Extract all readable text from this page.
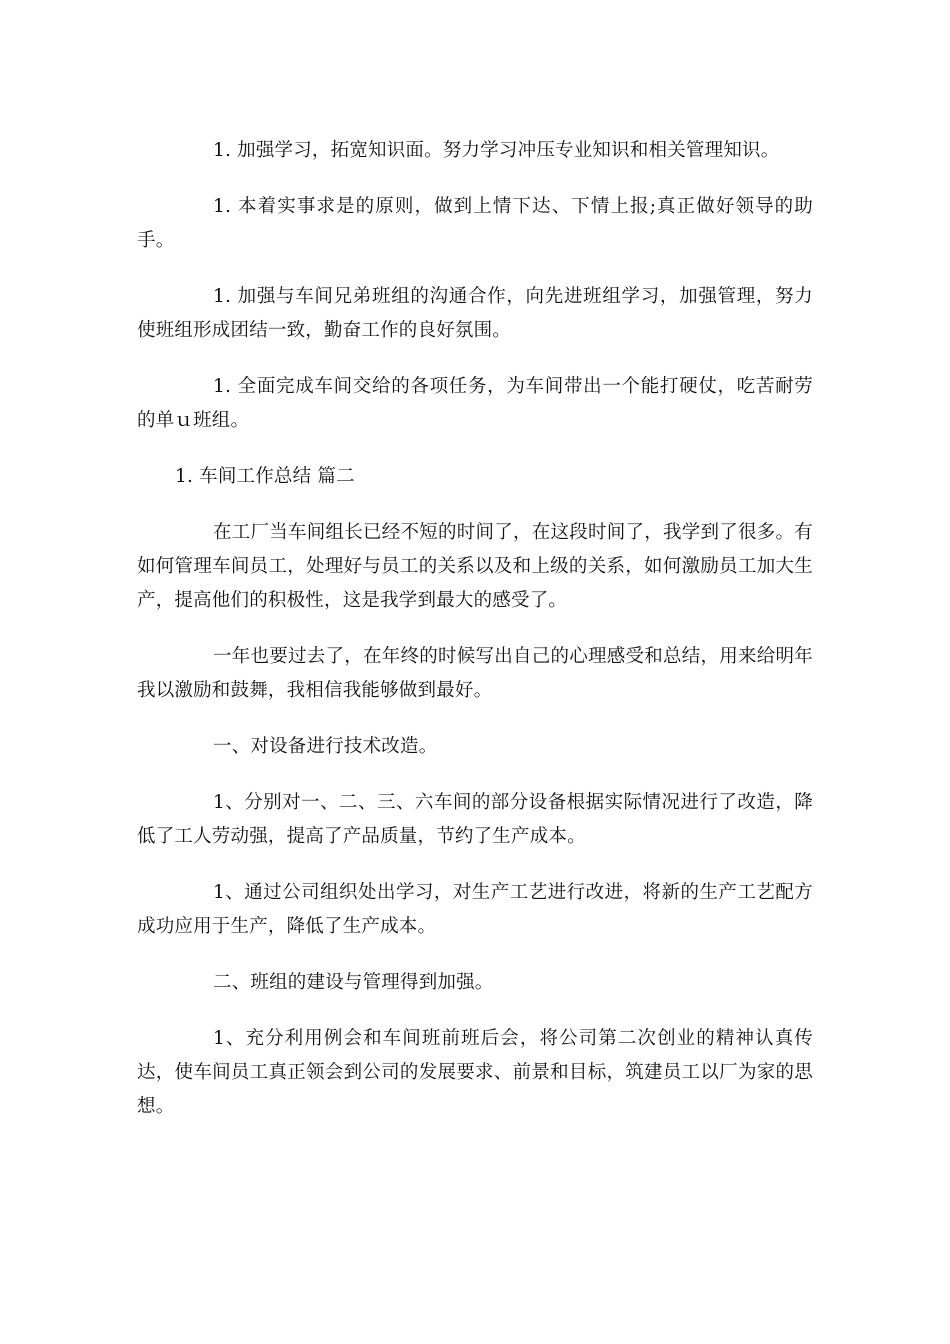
1. 加强学习，拓宽知识面。努力学习冲压专业知识和相关管理知识。

1. 本着实事求是的原则，做到上情下达、下情上报;真正做好领导的助手。

1. 加强与车间兄弟班组的沟通合作，向先进班组学习，加强管理，努力使班组形成团结一致，勤奋工作的良好氛围。

1. 全面完成车间交给的各项任务，为车间带出一个能打硬仗，吃苦耐劳的单ｕ班组。

1. 车间工作总结 篇二

在工厂当车间组长已经不短的时间了，在这段时间了，我学到了很多。有如何管理车间员工，处理好与员工的关系以及和上级的关系，如何激励员工加大生产，提高他们的积极性，这是我学到最大的感受了。

一年也要过去了，在年终的时候写出自己的心理感受和总结，用来给明年我以激励和鼓舞，我相信我能够做到最好。

一、对设备进行技术改造。

1、分别对一、二、三、六车间的部分设备根据实际情况进行了改造，降低了工人劳动强，提高了产品质量，节约了生产成本。

1、通过公司组织处出学习，对生产工艺进行改进，将新的生产工艺配方成功应用于生产，降低了生产成本。

二、班组的建设与管理得到加强。

1、充分利用例会和车间班前班后会，将公司第二次创业的精神认真传达，使车间员工真正领会到公司的发展要求、前景和目标，筑建员工以厂为家的思想。
